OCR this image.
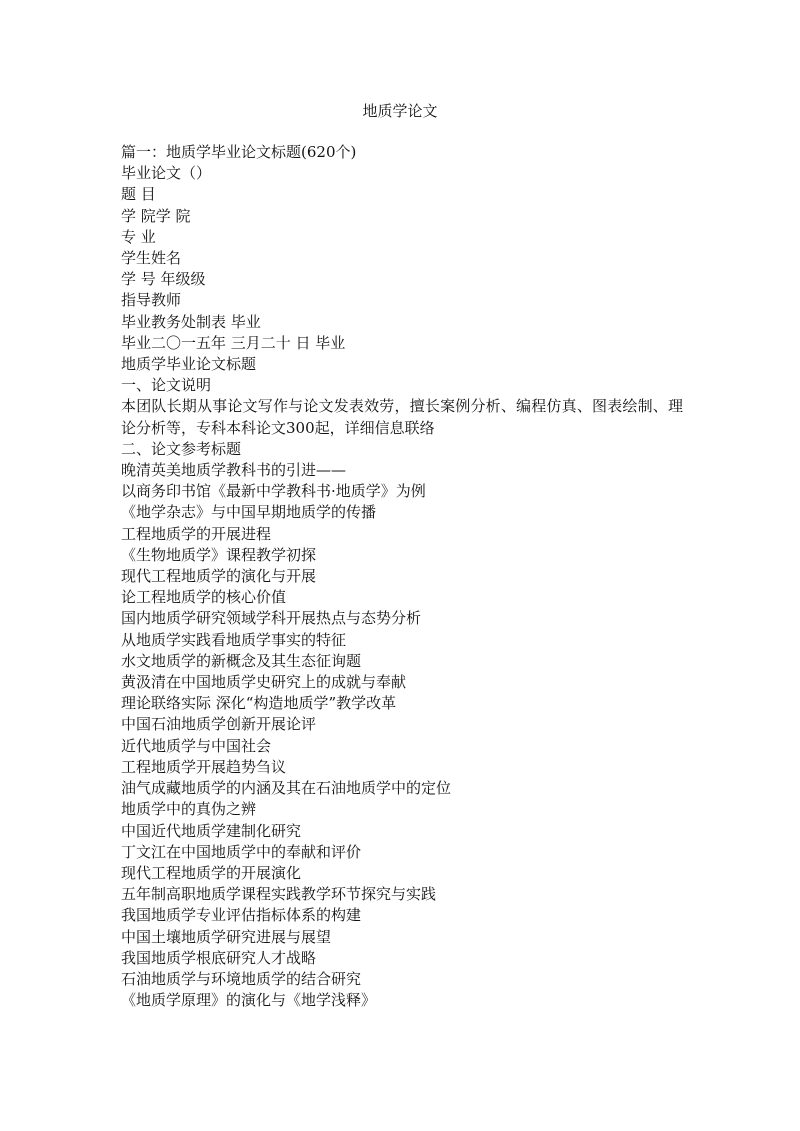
地质学论文
篇一：地质学毕业论文标题(620个)
毕业论文（）
题 目
学 院学 院
专 业
学生姓名
学 号 年级级
指导教师
毕业教务处制表 毕业
毕业二〇一五年 三月二十 日 毕业
地质学毕业论文标题
一、论文说明
本团队长期从事论文写作与论文发表效劳，擅长案例分析、编程仿真、图表绘制、理论分析等，专科本科论文300起，详细信息联络
二、论文参考标题
晚清英美地质学教科书的引进——
以商务印书馆《最新中学教科书·地质学》为例
《地学杂志》与中国早期地质学的传播
工程地质学的开展进程
《生物地质学》课程教学初探
现代工程地质学的演化与开展
论工程地质学的核心价值
国内地质学研究领域学科开展热点与态势分析
从地质学实践看地质学事实的特征
水文地质学的新概念及其生态征询题
黄汲清在中国地质学史研究上的成就与奉献
理论联络实际 深化“构造地质学”教学改革
中国石油地质学创新开展论评
近代地质学与中国社会
工程地质学开展趋势刍议
油气成藏地质学的内涵及其在石油地质学中的定位
地质学中的真伪之辨
中国近代地质学建制化研究
丁文江在中国地质学中的奉献和评价
现代工程地质学的开展演化
五年制高职地质学课程实践教学环节探究与实践
我国地质学专业评估指标体系的构建
中国土壤地质学研究进展与展望
我国地质学根底研究人才战略
石油地质学与环境地质学的结合研究
《地质学原理》的演化与《地学浅释》
